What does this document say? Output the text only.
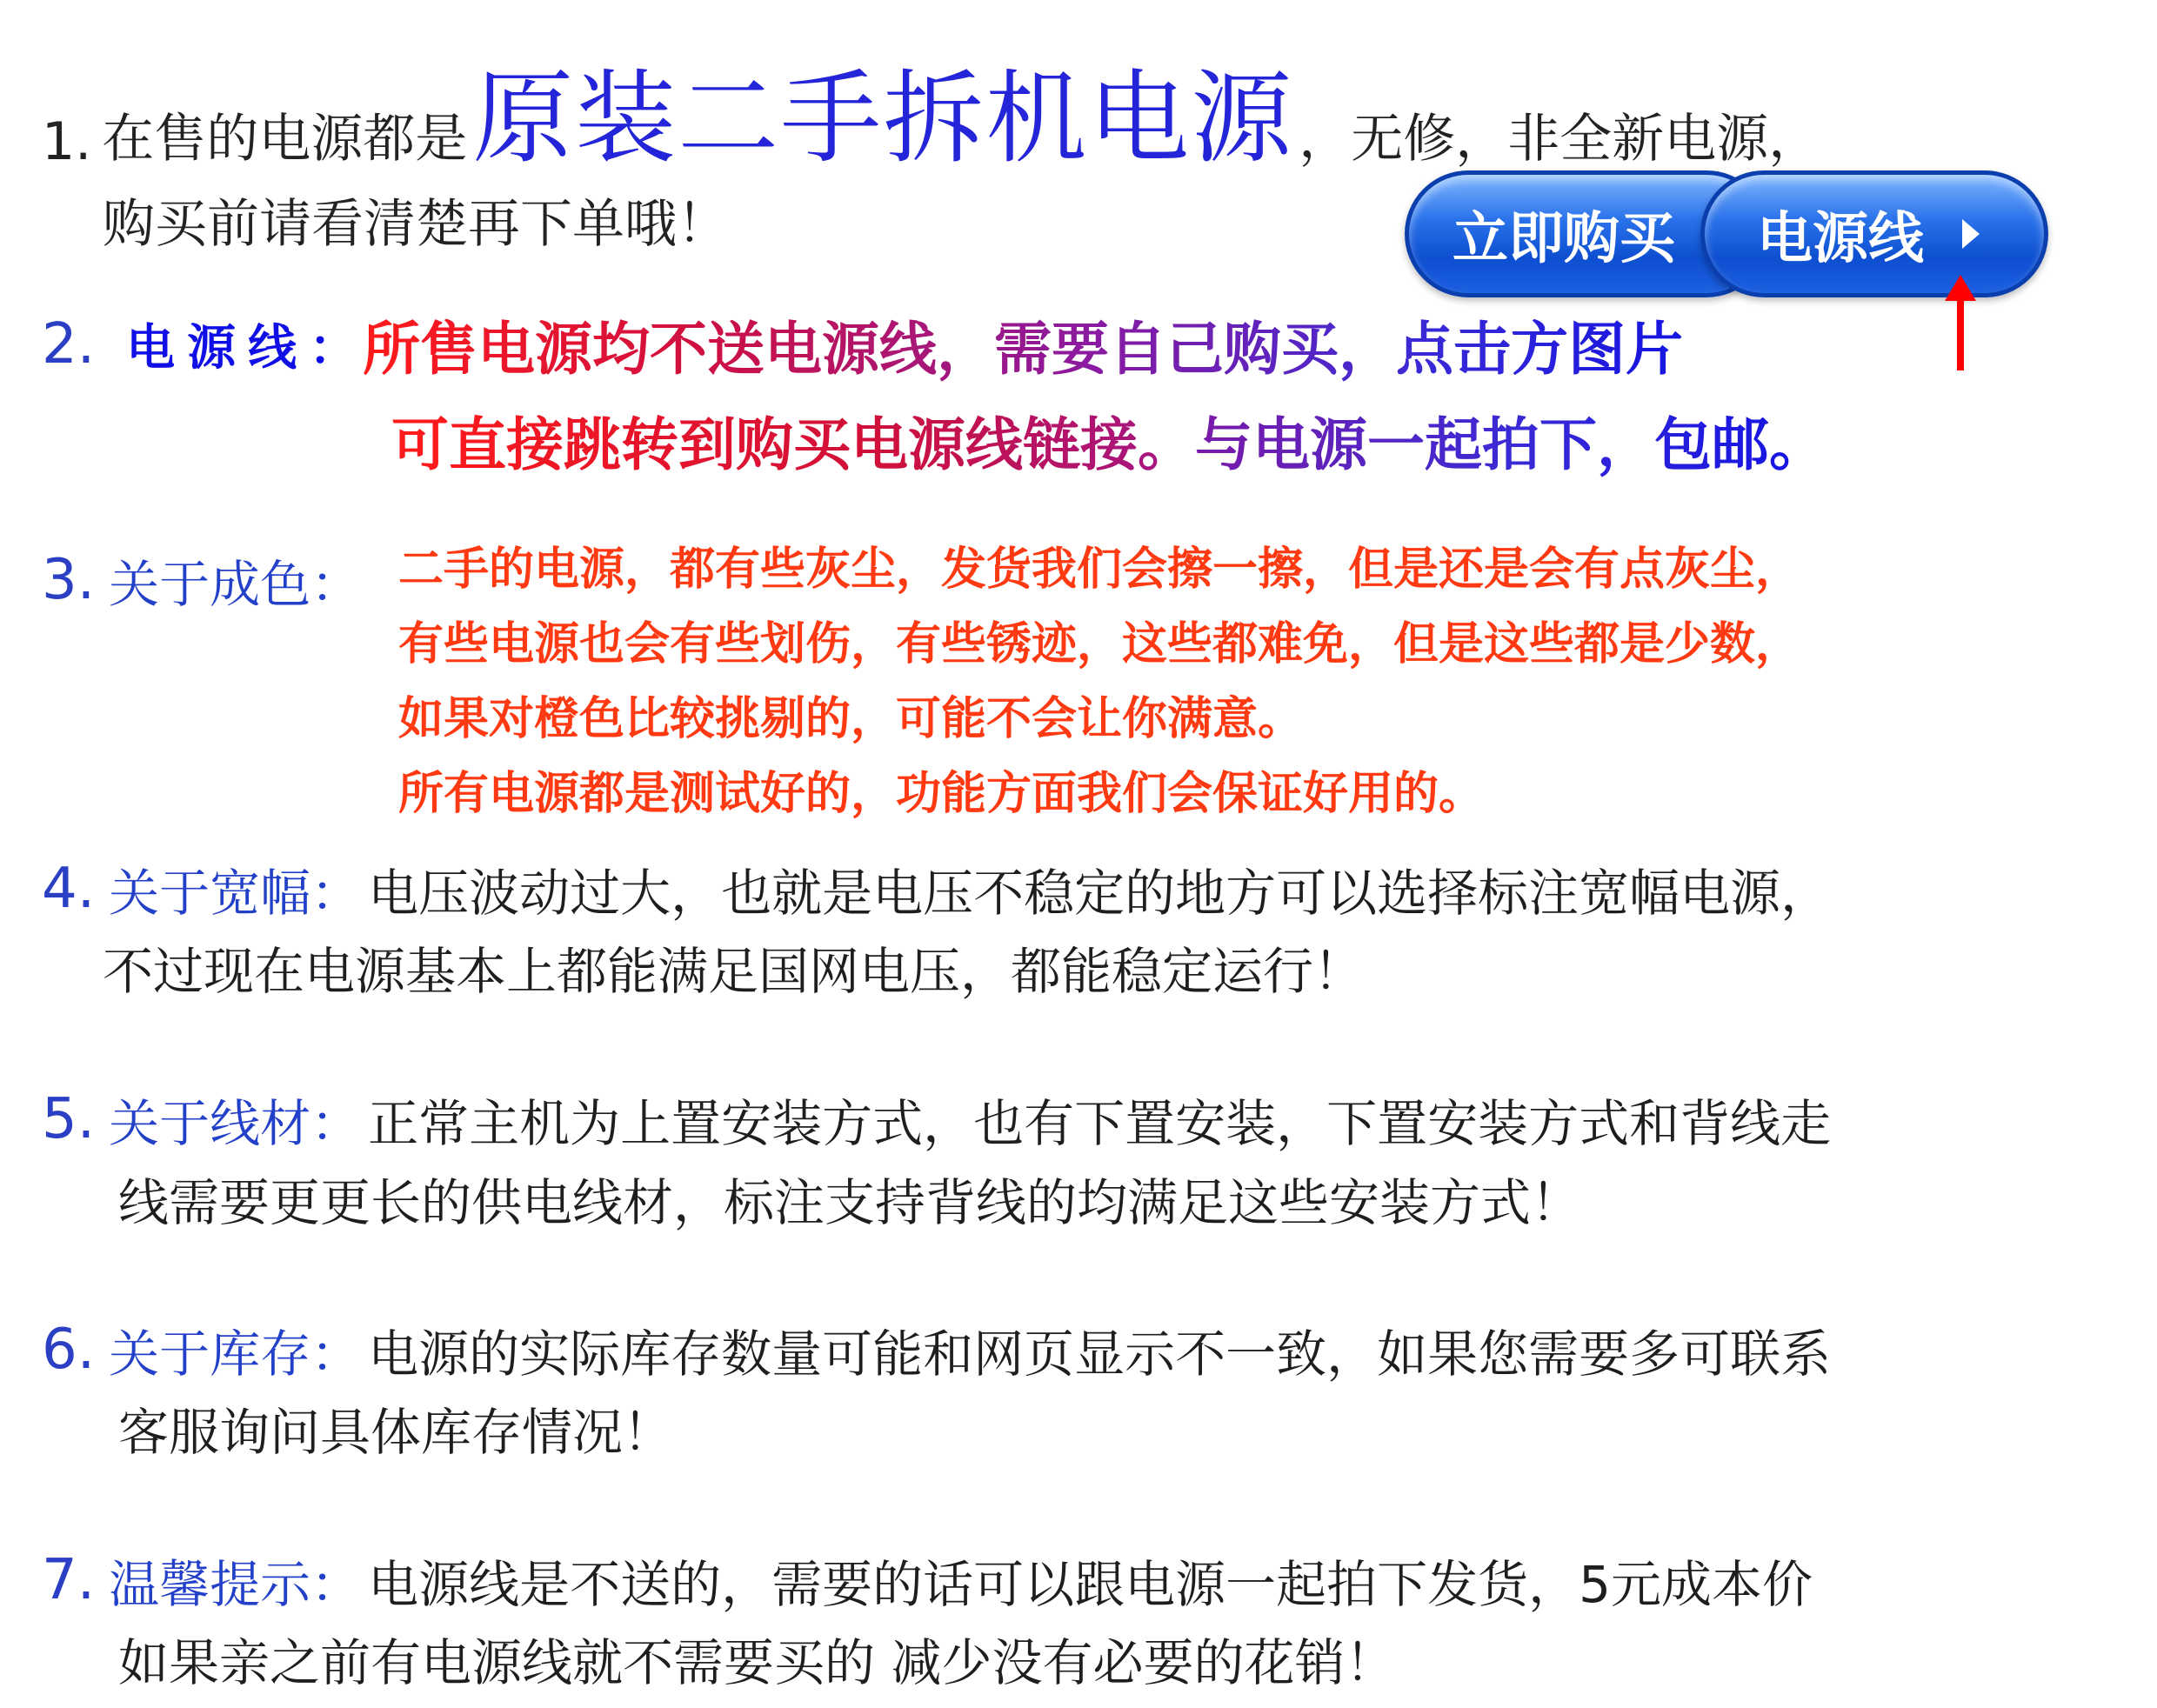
1. 在售的电源都是 原装二手拆机电源 ，无修，非全新电源，
购买前请看清楚再下单哦！	立即购买 电源线
2. 电源线 ： 所售电源均不送电源线，需要自己购买，点击方图片
可直接跳转到购买电源线链接。 与电源一起拍下，包邮。
3. 关于成色： 二手的电源，都有些灰尘，发货我们会擦一擦，但是还是会有点灰尘，
有些电源也会有些划伤，有些锈迹，这些都难免，但是这些都是少数，
如果对橙色比较挑剔的，可能不会让你满意。
所有电源都是测试好的，功能方面我们会保证好用的。
4. 关于宽幅： 电压波动过大，也就是电压不稳定的地方可以选择标注宽幅电源，
不过现在电源基本上都能满足国网电压，都能稳定运行！
5. 关于线材： 正常主机为上置安装方式，也有下置安装，下置安装方式和背线走
线需要更更长的供电线材，标注支持背线的均满足这些安装方式！
6. 关于库存： 电源的实际库存数量可能和网页显示不一致，如果您需要多可联系
客服询问具体库存情况！
7. 温馨提示： 电源线是不送的，需要的话可以跟电源一起拍下发货，5元成本价
如果亲之前有电源线就不需要买的 减少没有必要的花销！
